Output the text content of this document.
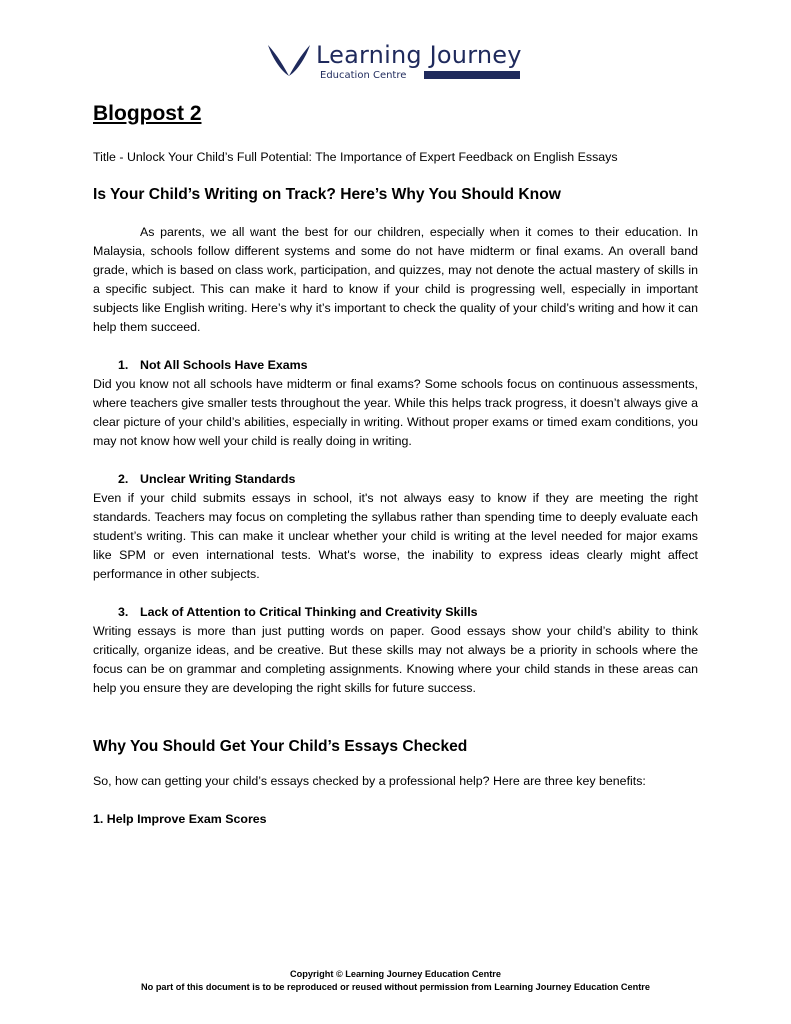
Learning Journey
Education Centre
Blogpost 2
Title - Unlock Your Child’s Full Potential: The Importance of Expert Feedback on English Essays
Is Your Child’s Writing on Track? Here’s Why You Should Know

As parents, we all want the best for our children, especially when it comes to their education. In Malaysia, schools follow different systems and some do not have midterm or final exams. An overall band grade, which is based on class work, participation, and quizzes, may not denote the actual mastery of skills in a specific subject. This can make it hard to know if your child is progressing well, especially in important subjects like English writing. Here’s why it’s important to check the quality of your child’s writing and how it can help them succeed.

1. Not All Schools Have Exams

Did you know not all schools have midterm or final exams? Some schools focus on continuous assessments, where teachers give smaller tests throughout the year. While this helps track progress, it doesn’t always give a clear picture of your child’s abilities, especially in writing. Without proper exams or timed exam conditions, you may not know how well your child is really doing in writing.

2. Unclear Writing Standards

Even if your child submits essays in school, it's not always easy to know if they are meeting the right standards. Teachers may focus on completing the syllabus rather than spending time to deeply evaluate each student’s writing. This can make it unclear whether your child is writing at the level needed for major exams like SPM or even international tests. What's worse, the inability to express ideas clearly might affect performance in other subjects.

3. Lack of Attention to Critical Thinking and Creativity Skills

Writing essays is more than just putting words on paper. Good essays show your child’s ability to think critically, organize ideas, and be creative. But these skills may not always be a priority in schools where the focus can be on grammar and completing assignments. Knowing where your child stands in these areas can help you ensure they are developing the right skills for future success.

Why You Should Get Your Child’s Essays Checked

So, how can getting your child’s essays checked by a professional help? Here are three key benefits:

1. Help Improve Exam Scores
Copyright © Learning Journey Education Centre
No part of this document is to be reproduced or reused without permission from Learning Journey Education Centre
